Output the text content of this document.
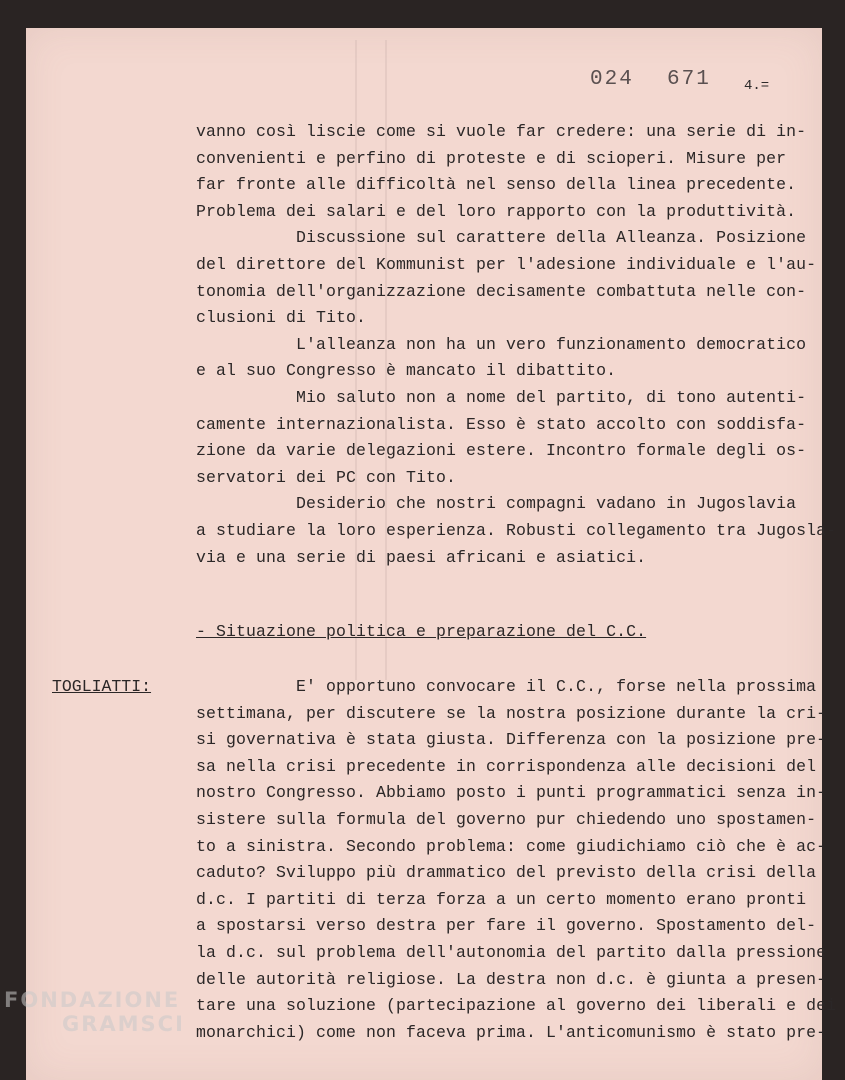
024 671 4.=
vanno così liscie come si vuole far credere: una serie di in-
convenienti e perfino di proteste e di scioperi. Misure per
far fronte alle difficoltà nel senso della linea precedente.
Problema dei salari e del loro rapporto con la produttività.
Discussione sul carattere della Alleanza. Posizione
del direttore del Kommunist per l'adesione individuale e l'au-
tonomia dell'organizzazione decisamente combattuta nelle con-
clusioni di Tito.
L'alleanza non ha un vero funzionamento democratico
e al suo Congresso è mancato il dibattito.
Mio saluto non a nome del partito, di tono autenti-
camente internazionalista. Esso è stato accolto con soddisfa-
zione da varie delegazioni estere. Incontro formale degli os-
servatori dei PC con Tito.
Desiderio che nostri compagni vadano in Jugoslavia
a studiare la loro esperienza. Robusti collegamento tra Jugosla-
via e una serie di paesi africani e asiatici.
- Situazione politica e preparazione del C.C.
TOGLIATTI:	E' opportuno convocare il C.C., forse nella prossima
settimana, per discutere se la nostra posizione durante la cri-
si governativa è stata giusta. Differenza con la posizione pre-
sa nella crisi precedente in corrispondenza alle decisioni del
nostro Congresso. Abbiamo posto i punti programmatici senza in-
sistere sulla formula del governo pur chiedendo uno spostamen-
to a sinistra. Secondo problema: come giudichiamo ciò che è ac-
caduto? Sviluppo più drammatico del previsto della crisi della
d.c. I partiti di terza forza a un certo momento erano pronti
a spostarsi verso destra per fare il governo. Spostamento del-
la d.c. sul problema dell'autonomia del partito dalla pressione
delle autorità religiose. La destra non d.c. è giunta a presen-
tare una soluzione (partecipazione al governo dei liberali e dei
monarchici) come non faceva prima. L'anticomunismo è stato pre-
FONDAZIONE
GRAMSCI
